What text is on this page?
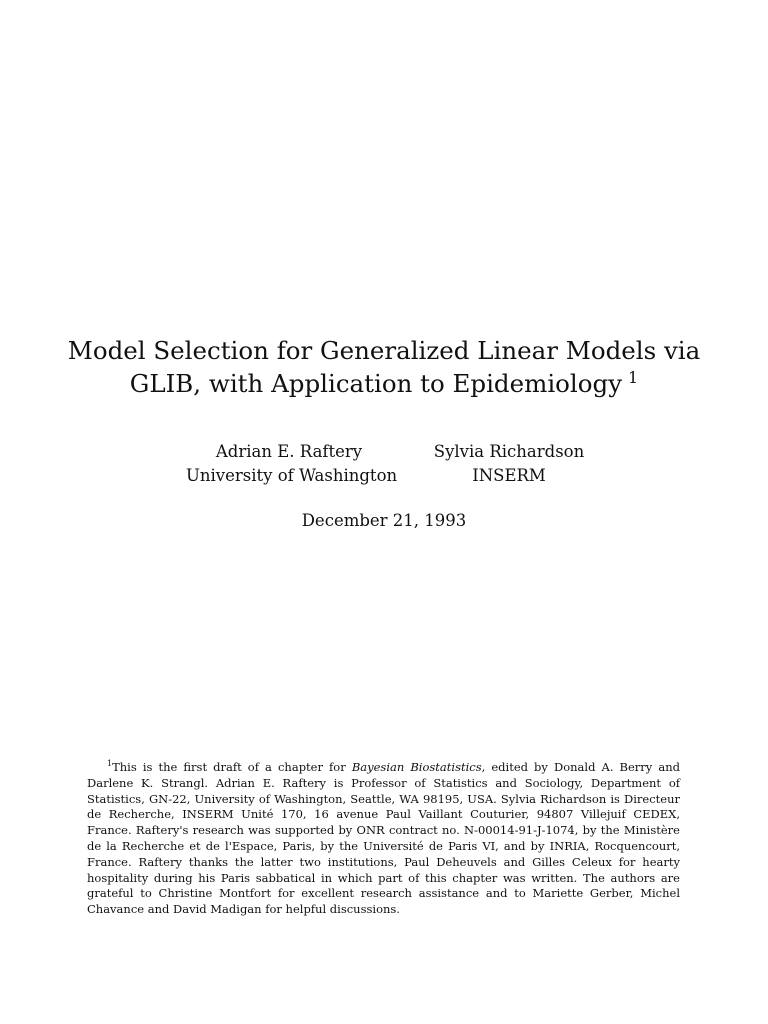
Model Selection for Generalized Linear Models via
GLIB, with Application to Epidemiology $^1$
Adrian E. Raftery
University of Washington
Sylvia Richardson
INSERM
December 21, 1993

$^1$This is the first draft of a chapter for Bayesian Biostatistics, edited by Donald A. Berry and Darlene K. Strangl. Adrian E. Raftery is Professor of Statistics and Sociology, Department of Statistics, GN-22, University of Washington, Seattle, WA 98195, USA. Sylvia Richardson is Directeur de Recherche, INSERM Unité 170, 16 avenue Paul Vaillant Couturier, 94807 Villejuif CEDEX, France. Raftery's research was supported by ONR contract no. N-00014-91-J-1074, by the Ministère de la Recherche et de l'Espace, Paris, by the Université de Paris VI, and by INRIA, Rocquencourt, France. Raftery thanks the latter two institutions, Paul Deheuvels and Gilles Celeux for hearty hospitality during his Paris sabbatical in which part of this chapter was written. The authors are grateful to Christine Montfort for excellent research assistance and to Mariette Gerber, Michel Chavance and David Madigan for helpful discussions.
